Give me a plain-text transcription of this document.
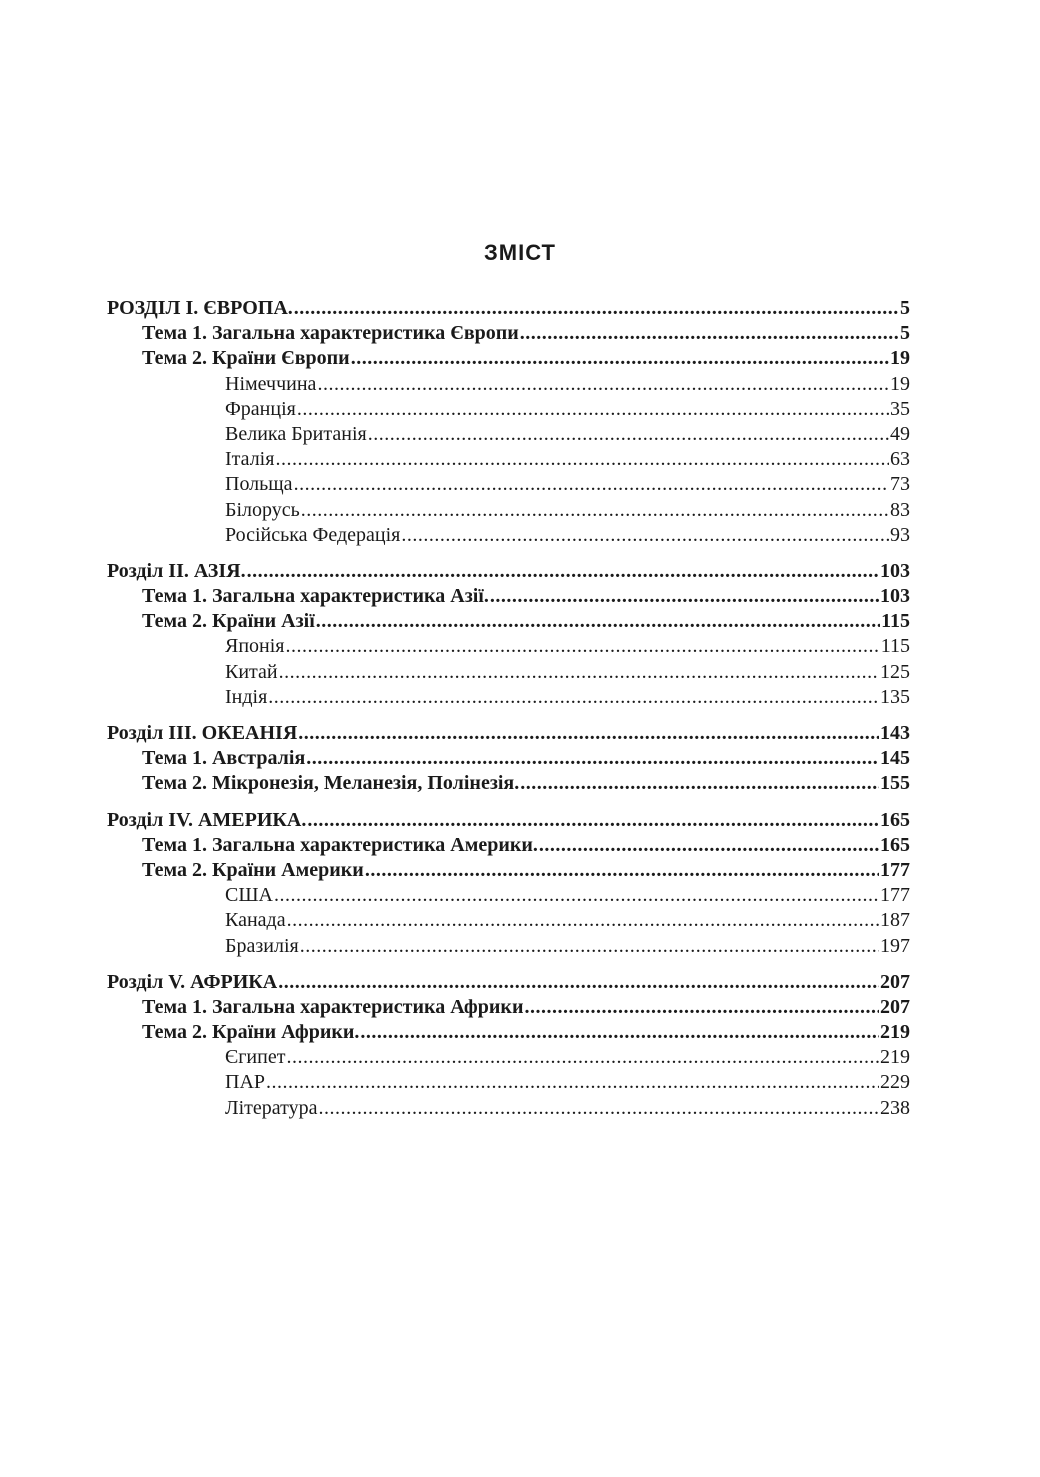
ЗМІСТ
РОЗДІЛ І. ЄВРОПА. .....	5
Тема 1. Загальна характеристика Європи .....	5
Тема 2. Країни Європи .....	19
Німеччина .....	19
Франція .....	35
Велика Британія .....	49
Італія .....	63
Польща .....	73
Білорусь .....	83
Російська Федерація .....	93
Розділ ІІ. АЗІЯ. .....	103
Тема 1. Загальна характеристика Азії. .....	103
Тема 2. Країни Азії .....	115
Японія .....	115
Китай .....	125
Індія .....	135
Розділ ІІІ. ОКЕАНІЯ .....	143
Тема 1. Австралія .....	145
Тема 2. Мікронезія, Меланезія, Полінезія. .....	155
Розділ ІV. АМЕРИКА. .....	165
Тема 1. Загальна характеристика Америки. .....	165
Тема 2. Країни Америки .....	177
США .....	177
Канада .....	187
Бразилія .....	197
Розділ V. АФРИКА .....	207
Тема 1. Загальна характеристика Африки .....	207
Тема 2. Країни Африки. .....	219
Єгипет .....	219
ПАР .....	229
Література .....	238
